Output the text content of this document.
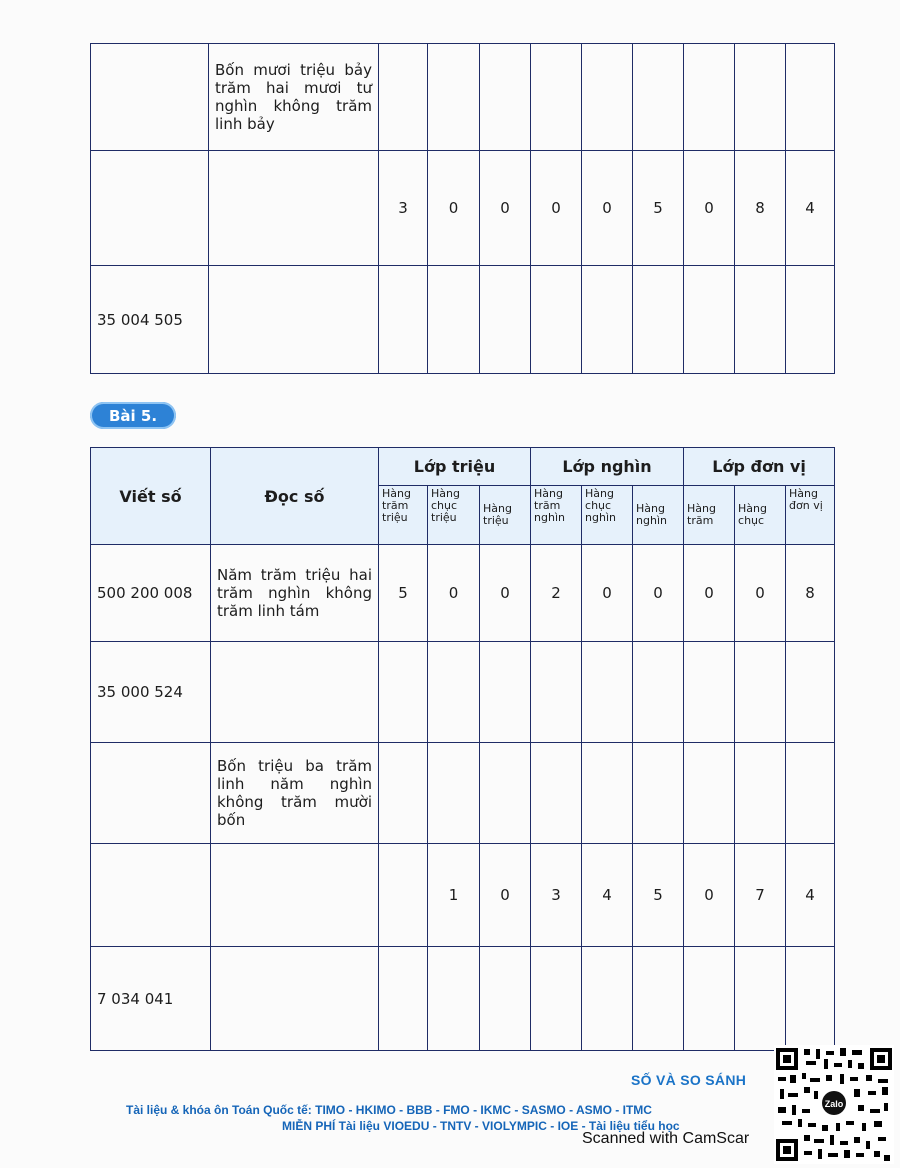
	Bốn mươi triệu bảy trăm hai mươi tư nghìn không trăm linh bảy									
		3	0	0	0	0	5	0	8	4
35 004 505										
Bài 5.
Viết số	Đọc số	Lớp triệu			Lớp nghìn			Lớp đơn vị		
		Hàng trăm triệu	Hàng chục triệu	Hàng triệu	Hàng trăm nghìn	Hàng chục nghìn	Hàng nghìn	Hàng trăm	Hàng chục	Hàng đơn vị
500 200 008	Năm trăm triệu hai trăm nghìn không trăm linh tám	5	0	0	2	0	0	0	0	8
35 000 524										
	Bốn triệu ba trăm linh năm nghìn không trăm mười bốn									
			1	0	3	4	5	0	7	4
7 034 041										
SỐ VÀ SO SÁNH
Tài liệu & khóa ôn Toán Quốc tế: TIMO - HKIMO - BBB - FMO - IKMC - SASMO - ASMO - ITMC
MIỄN PHÍ Tài liệu VIOEDU - TNTV - VIOLYMPIC - IOE - Tài liệu tiểu học
Scanned with CamScar
Zalo
